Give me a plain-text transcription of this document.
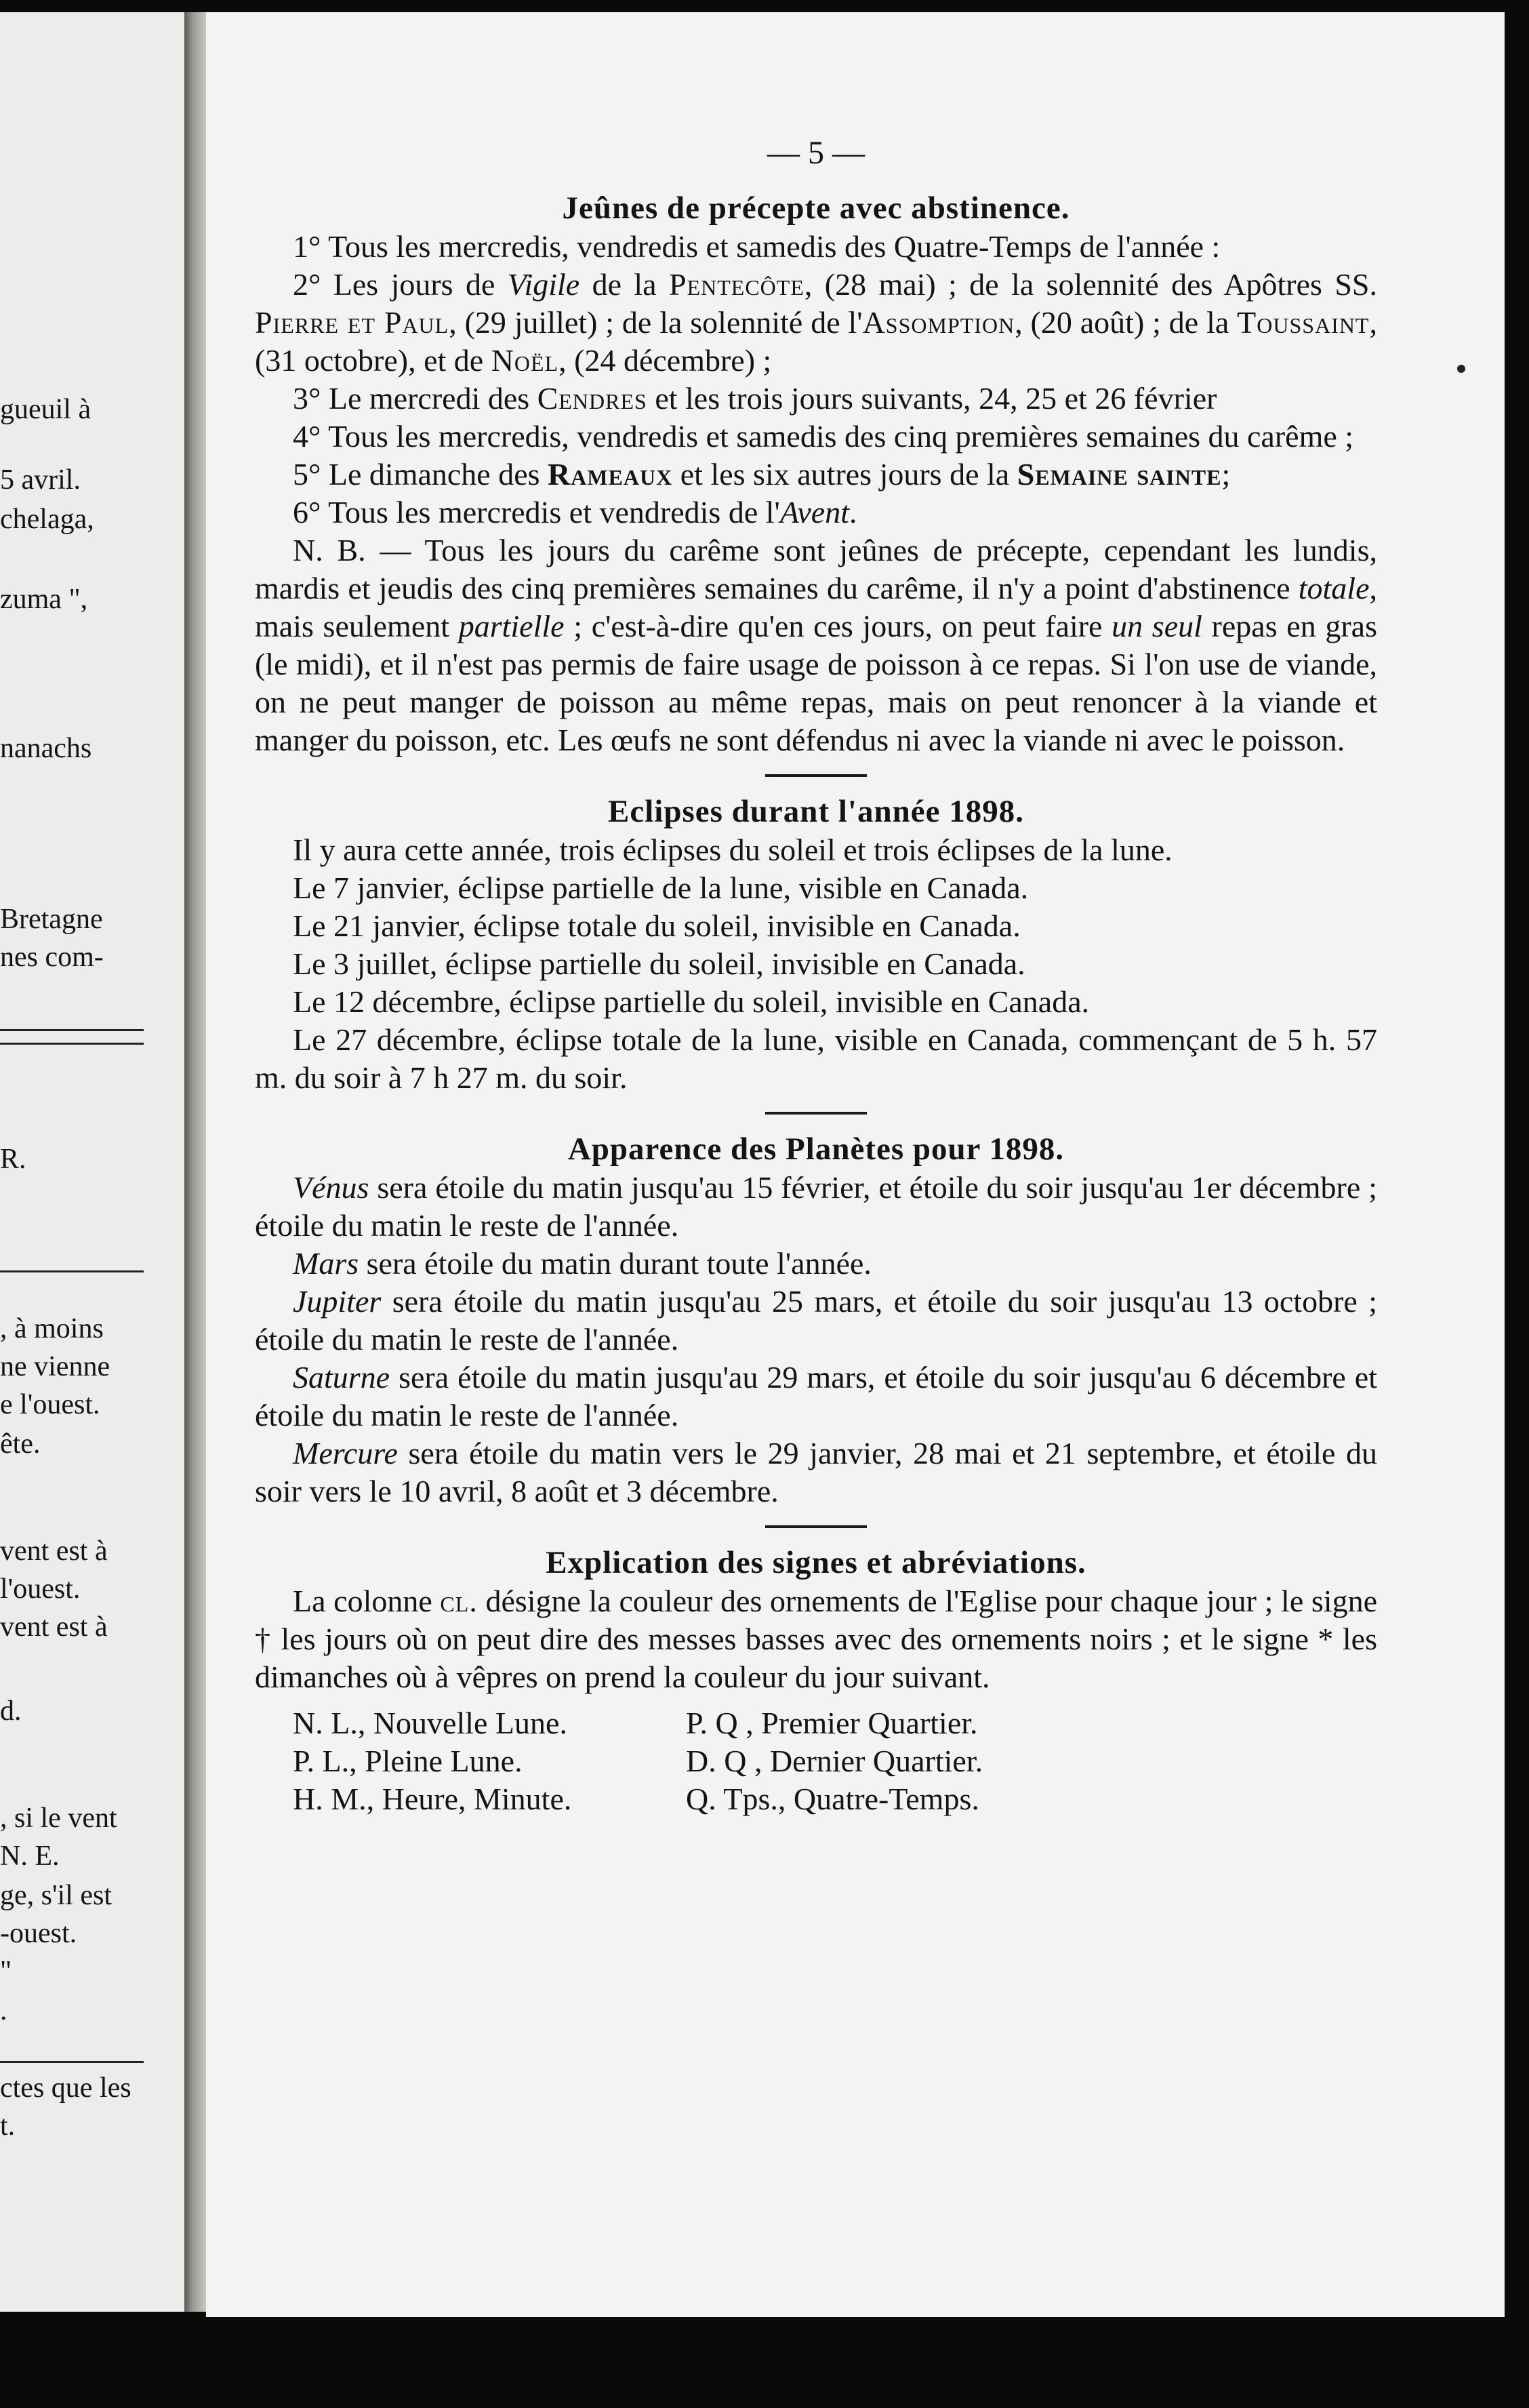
gueuil à
5 avril.
chelaga,
zuma ",
nanachs
Bretagne
nes com-
R.
, à moins
ne vienne
e l'ouest.
ête.
vent est à
l'ouest.
vent est à
d.
, si le vent
N. E.
ge, s'il est
-ouest.
"
.
ctes que les
t.
— 5 —
Jeûnes de précepte avec abstinence.

1° Tous les mercredis, vendredis et samedis des Quatre-Temps de l'année :

2° Les jours de Vigile de la Pentecôte, (28 mai) ; de la solennité des Apôtres SS. Pierre et Paul, (29 juillet) ; de la solennité de l'Assomption, (20 août) ; de la Toussaint, (31 octobre), et de Noël, (24 décembre) ;

3° Le mercredi des Cendres et les trois jours suivants, 24, 25 et 26 février

4° Tous les mercredis, vendredis et samedis des cinq premières semaines du carême ;

5° Le dimanche des Rameaux et les six autres jours de la Semaine sainte;

6° Tous les mercredis et vendredis de l'Avent.

N. B. — Tous les jours du carême sont jeûnes de précepte, cependant les lundis, mardis et jeudis des cinq premières semaines du carême, il n'y a point d'abstinence totale, mais seulement partielle ; c'est-à-dire qu'en ces jours, on peut faire un seul repas en gras (le midi), et il n'est pas permis de faire usage de poisson à ce repas. Si l'on use de viande, on ne peut manger de poisson au même repas, mais on peut renoncer à la viande et manger du poisson, etc. Les œufs ne sont défendus ni avec la viande ni avec le poisson.

Eclipses durant l'année 1898.

Il y aura cette année, trois éclipses du soleil et trois éclipses de la lune.

Le 7 janvier, éclipse partielle de la lune, visible en Canada.

Le 21 janvier, éclipse totale du soleil, invisible en Canada.

Le 3 juillet, éclipse partielle du soleil, invisible en Canada.

Le 12 décembre, éclipse partielle du soleil, invisible en Canada.

Le 27 décembre, éclipse totale de la lune, visible en Canada, commençant de 5 h. 57 m. du soir à 7 h 27 m. du soir.

Apparence des Planètes pour 1898.

Vénus sera étoile du matin jusqu'au 15 février, et étoile du soir jusqu'au 1er décembre ; étoile du matin le reste de l'année.

Mars sera étoile du matin durant toute l'année.

Jupiter sera étoile du matin jusqu'au 25 mars, et étoile du soir jusqu'au 13 octobre ; étoile du matin le reste de l'année.

Saturne sera étoile du matin jusqu'au 29 mars, et étoile du soir jusqu'au 6 décembre et étoile du matin le reste de l'année.

Mercure sera étoile du matin vers le 29 janvier, 28 mai et 21 septembre, et étoile du soir vers le 10 avril, 8 août et 3 décembre.

Explication des signes et abréviations.

La colonne cl. désigne la couleur des ornements de l'Eglise pour chaque jour ; le signe † les jours où on peut dire des messes basses avec des ornements noirs ; et le signe * les dimanches où à vêpres on prend la couleur du jour suivant.

N. L., Nouvelle Lune.	P. Q , Premier Quartier.
P. L., Pleine Lune.	D. Q , Dernier Quartier.
H. M., Heure, Minute.	Q. Tps., Quatre-Temps.
